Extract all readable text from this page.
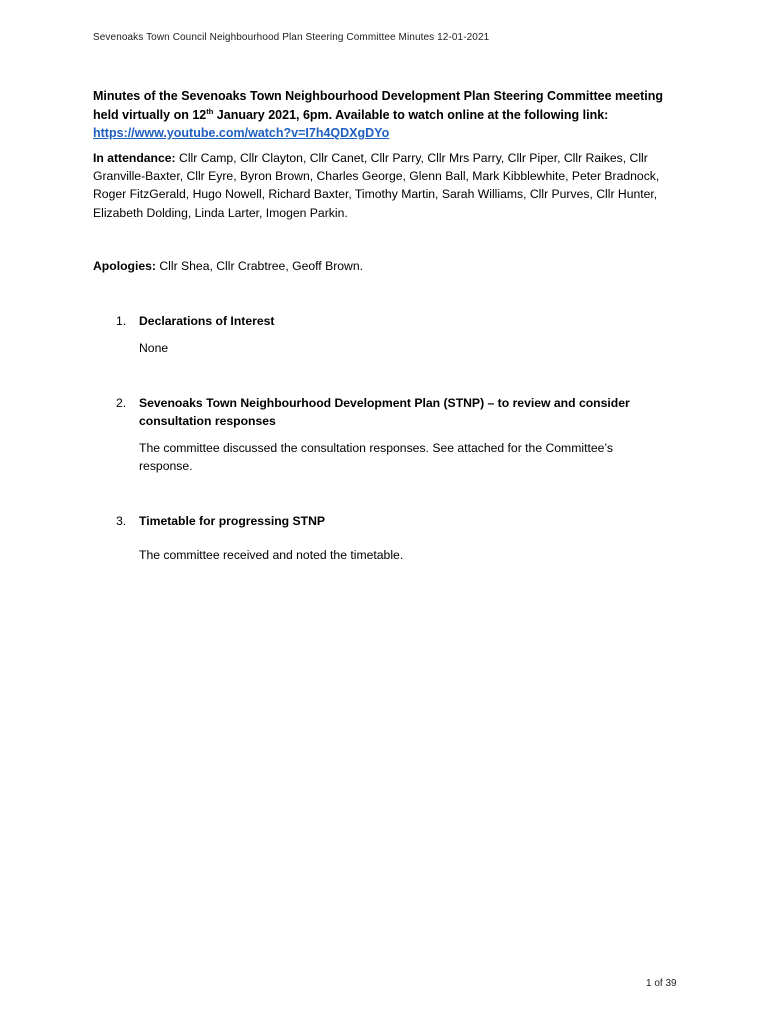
Sevenoaks Town Council Neighbourhood Plan Steering Committee Minutes 12-01-2021
Minutes of the Sevenoaks Town Neighbourhood Development Plan Steering Committee meeting
held virtually on 12th January 2021, 6pm. Available to watch online at the following link:
https://www.youtube.com/watch?v=I7h4QDXgDYo
In attendance: Cllr Camp, Cllr Clayton, Cllr Canet, Cllr Parry, Cllr Mrs Parry, Cllr Piper, Cllr Raikes, Cllr Granville-Baxter, Cllr Eyre, Byron Brown, Charles George, Glenn Ball, Mark Kibblewhite, Peter Bradnock, Roger FitzGerald, Hugo Nowell, Richard Baxter, Timothy Martin, Sarah Williams, Cllr Purves, Cllr Hunter, Elizabeth Dolding, Linda Larter, Imogen Parkin.
Apologies: Cllr Shea, Cllr Crabtree, Geoff Brown.
1. Declarations of Interest
None
2. Sevenoaks Town Neighbourhood Development Plan (STNP) – to review and consider consultation responses
The committee discussed the consultation responses. See attached for the Committee’s response.
3. Timetable for progressing STNP
The committee received and noted the timetable.
1 of 39
